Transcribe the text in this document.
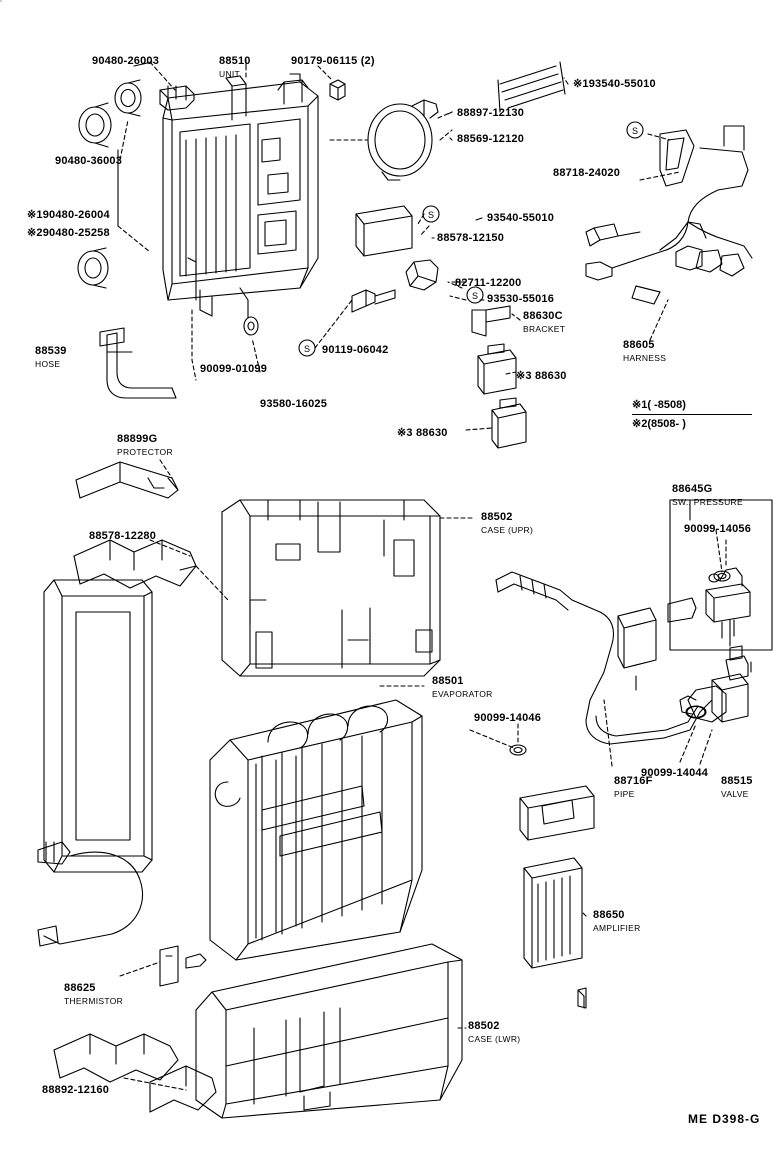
S
S
S
S
90480-26003	88510
UNIT
90179-06115 (2)
※193540-55010
90480-36003
88897-12130
88569-12120
88718-24020
※190480-26004
※290480-25258
93540-55010
88578-12150
82711-12200
93530-55016
88630C
BRACKET
88605
HARNESS
88539
HOSE
90119-06042
90099-01099
※3 88630
93580-16025
※3 88630
88899G
PROTECTOR
88645G
SW., PRESSURE
88502
CASE (UPR)	90099-14056
88578-12280
88501
EVAPORATOR
90099-14046
90099-14044
88716F
PIPE
88515
VALVE
88650
AMPLIFIER
88625
THERMISTOR
88502
CASE (LWR)
88892-12160
※1( -8508)
※2(8508- )
ME D398-G
